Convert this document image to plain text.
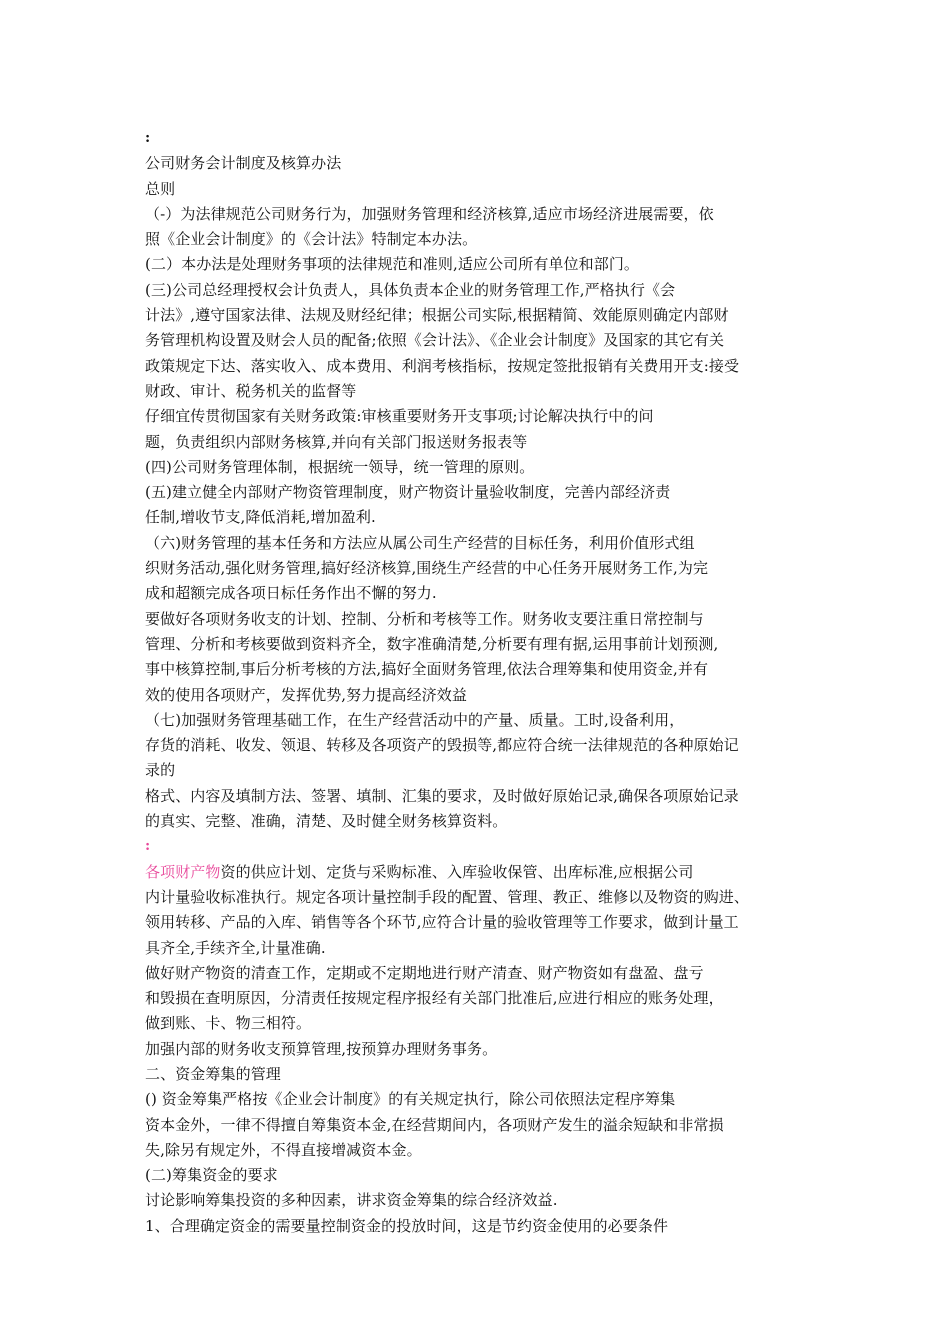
:
公司财务会计制度及核算办法
总则
（-）为法律规范公司财务行为，加强财务管理和经济核算,适应市场经济进展需要，依
照《企业会计制度》的《会计法》特制定本办法。
(二）本办法是处理财务事项的法律规范和准则,适应公司所有单位和部门。
(三)公司总经理授权会计负责人，具体负责本企业的财务管理工作,严格执行《会
计法》,遵守国家法律、法规及财经纪律；根据公司实际,根据精简、效能原则确定内部财
务管理机构设置及财会人员的配备;依照《会计法》、《企业会计制度》及国家的其它有关
政策规定下达、落实收入、成本费用、利润考核指标，按规定签批报销有关费用开支:接受
财政、审计、税务机关的监督等
仔细宜传贯彻国家有关财务政策:审核重要财务开支事项;讨论解决执行中的问
题，负责组织内部财务核算,并向有关部门报送财务报表等
(四)公司财务管理体制，根据统一领导，统一管理的原则。
(五)建立健全内部财产物资管理制度，财产物资计量验收制度，完善内部经济责
任制,增收节支,降低消耗,增加盈利.
（六)财务管理的基本任务和方法应从属公司生产经营的目标任务，利用价值形式组
织财务活动,强化财务管理,搞好经济核算,围绕生产经营的中心任务开展财务工作,为完
成和超额完成各项日标任务作出不懈的努力.
要做好各项财务收支的计划、控制、分析和考核等工作。财务收支要注重日常控制与
管理、分析和考核要做到资料齐全，数字准确清楚,分析要有理有据,运用事前计划预测,
事中核算控制,事后分析考核的方法,搞好全面财务管理,依法合理筹集和使用资金,并有
效的使用各项财产，发挥优势,努力提高经济效益
（七)加强财务管理基础工作，在生产经营活动中的产量、质量。工时,设备利用，
存货的消耗、收发、领退、转移及各项资产的毁损等,都应符合统一法律规范的各种原始记
录的
格式、内容及填制方法、签署、填制、汇集的要求，及时做好原始记录,确保各项原始记录
的真实、完整、准确，清楚、及时健全财务核算资料。
:
各项财产物资的供应计划、定货与采购标准、入库验收保管、出库标准,应根据公司
内计量验收标准执行。规定各项计量控制手段的配置、管理、教正、维修以及物资的购进、
领用转移、产品的入库、销售等各个环节,应符合计量的验收管理等工作要求，做到计量工
具齐全,手续齐全,计量准确.
做好财产物资的清查工作，定期或不定期地进行财产清查、财产物资如有盘盈、盘亏
和毁损在查明原因，分清责任按规定程序报经有关部门批准后,应进行相应的账务处理，
做到账、卡、物三相符。
加强内部的财务收支预算管理,按预算办理财务事务。
二、资金筹集的管理
() 资金筹集严格按《企业会计制度》的有关规定执行，除公司依照法定程序筹集
资本金外，一律不得擅自筹集资本金,在经营期间内，各项财产发生的溢余短缺和非常损
失,除另有规定外，不得直接增减资本金。
(二)筹集资金的要求
讨论影响筹集投资的多种因素，讲求资金筹集的综合经济效益.
1、合理确定资金的需要量控制资金的投放时间，这是节约资金使用的必要条件
